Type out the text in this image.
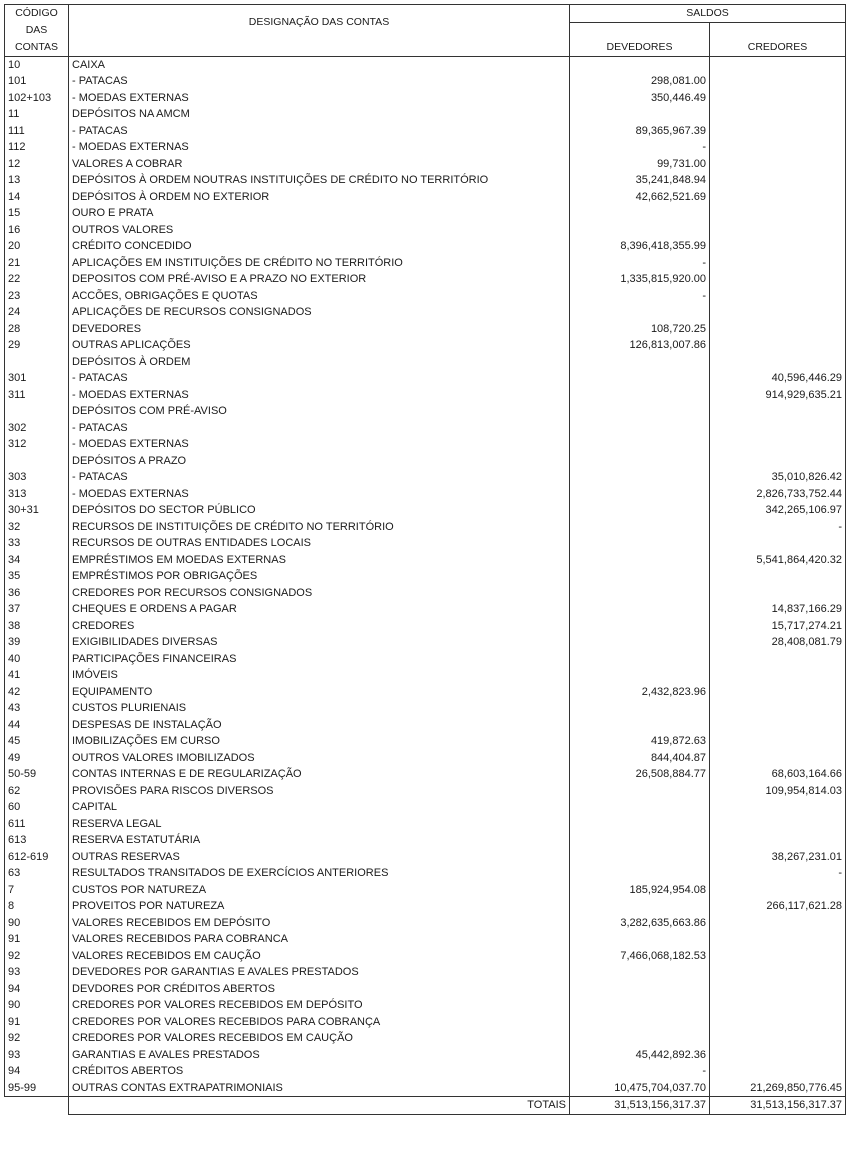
CÓDIGO	DESIGNAÇÃO DAS CONTAS	SALDOS	
DAS			
CONTAS		DEVEDORES	CREDORES
10	CAIXA		
101	- PATACAS	298,081.00	
102+103	- MOEDAS EXTERNAS	350,446.49	
11	DEPÓSITOS NA AMCM		
111	- PATACAS	89,365,967.39	
112	- MOEDAS EXTERNAS	-	
12	VALORES A COBRAR	99,731.00	
13	DEPÓSITOS À ORDEM NOUTRAS INSTITUIÇÕES DE CRÉDITO NO TERRITÓRIO	35,241,848.94	
14	DEPÓSITOS À ORDEM NO EXTERIOR	42,662,521.69	
15	OURO E PRATA		
16	OUTROS VALORES		
20	CRÉDITO CONCEDIDO	8,396,418,355.99	
21	APLICAÇÕES EM INSTITUIÇÕES DE CRÉDITO NO TERRITÓRIO	-	
22	DEPOSITOS COM PRÉ-AVISO E A PRAZO NO EXTERIOR	1,335,815,920.00	
23	ACCÕES, OBRIGAÇÕES E QUOTAS	-	
24	APLICAÇÕES DE RECURSOS CONSIGNADOS		
28	DEVEDORES	108,720.25	
29	OUTRAS APLICAÇÕES	126,813,007.86	
	DEPÓSITOS À ORDEM		
301	- PATACAS		40,596,446.29
311	- MOEDAS EXTERNAS		914,929,635.21
	DEPÓSITOS COM PRÉ-AVISO		
302	- PATACAS		
312	- MOEDAS EXTERNAS		
	DEPÓSITOS A PRAZO		
303	- PATACAS		35,010,826.42
313	- MOEDAS EXTERNAS		2,826,733,752.44
30+31	DEPÓSITOS DO SECTOR PÚBLICO		342,265,106.97
32	RECURSOS DE INSTITUIÇÕES DE CRÉDITO NO TERRITÓRIO		-
33	RECURSOS DE OUTRAS ENTIDADES LOCAIS		
34	EMPRÉSTIMOS EM MOEDAS EXTERNAS		5,541,864,420.32
35	EMPRÉSTIMOS POR OBRIGAÇÕES		
36	CREDORES POR RECURSOS CONSIGNADOS		
37	CHEQUES E ORDENS A PAGAR		14,837,166.29
38	CREDORES		15,717,274.21
39	EXIGIBILIDADES DIVERSAS		28,408,081.79
40	PARTICIPAÇÕES FINANCEIRAS		
41	IMÓVEIS		
42	EQUIPAMENTO	2,432,823.96	
43	CUSTOS PLURIENAIS		
44	DESPESAS DE INSTALAÇÃO		
45	IMOBILIZAÇÕES EM CURSO	419,872.63	
49	OUTROS VALORES IMOBILIZADOS	844,404.87	
50-59	CONTAS INTERNAS E DE REGULARIZAÇÃO	26,508,884.77	68,603,164.66
62	PROVISÕES PARA RISCOS DIVERSOS		109,954,814.03
60	CAPITAL		
611	RESERVA LEGAL		
613	RESERVA ESTATUTÁRIA		
612-619	OUTRAS RESERVAS		38,267,231.01
63	RESULTADOS TRANSITADOS DE EXERCÍCIOS ANTERIORES		-
7	CUSTOS POR NATUREZA	185,924,954.08	
8	PROVEITOS POR NATUREZA		266,117,621.28
90	VALORES RECEBIDOS EM DEPÓSITO	3,282,635,663.86	
91	VALORES RECEBIDOS PARA COBRANCA		
92	VALORES RECEBIDOS EM CAUÇÃO	7,466,068,182.53	
93	DEVEDORES POR GARANTIAS E AVALES PRESTADOS		
94	DEVDORES POR CRÉDITOS ABERTOS		
90	CREDORES POR VALORES RECEBIDOS EM DEPÓSITO		
91	CREDORES POR VALORES RECEBIDOS PARA COBRANÇA		
92	CREDORES POR VALORES RECEBIDOS EM CAUÇÃO		
93	GARANTIAS E AVALES PRESTADOS	45,442,892.36	
94	CRÉDITOS ABERTOS	-	
95-99	OUTRAS CONTAS EXTRAPATRIMONIAIS	10,475,704,037.70	21,269,850,776.45
	TOTAIS	31,513,156,317.37	31,513,156,317.37
